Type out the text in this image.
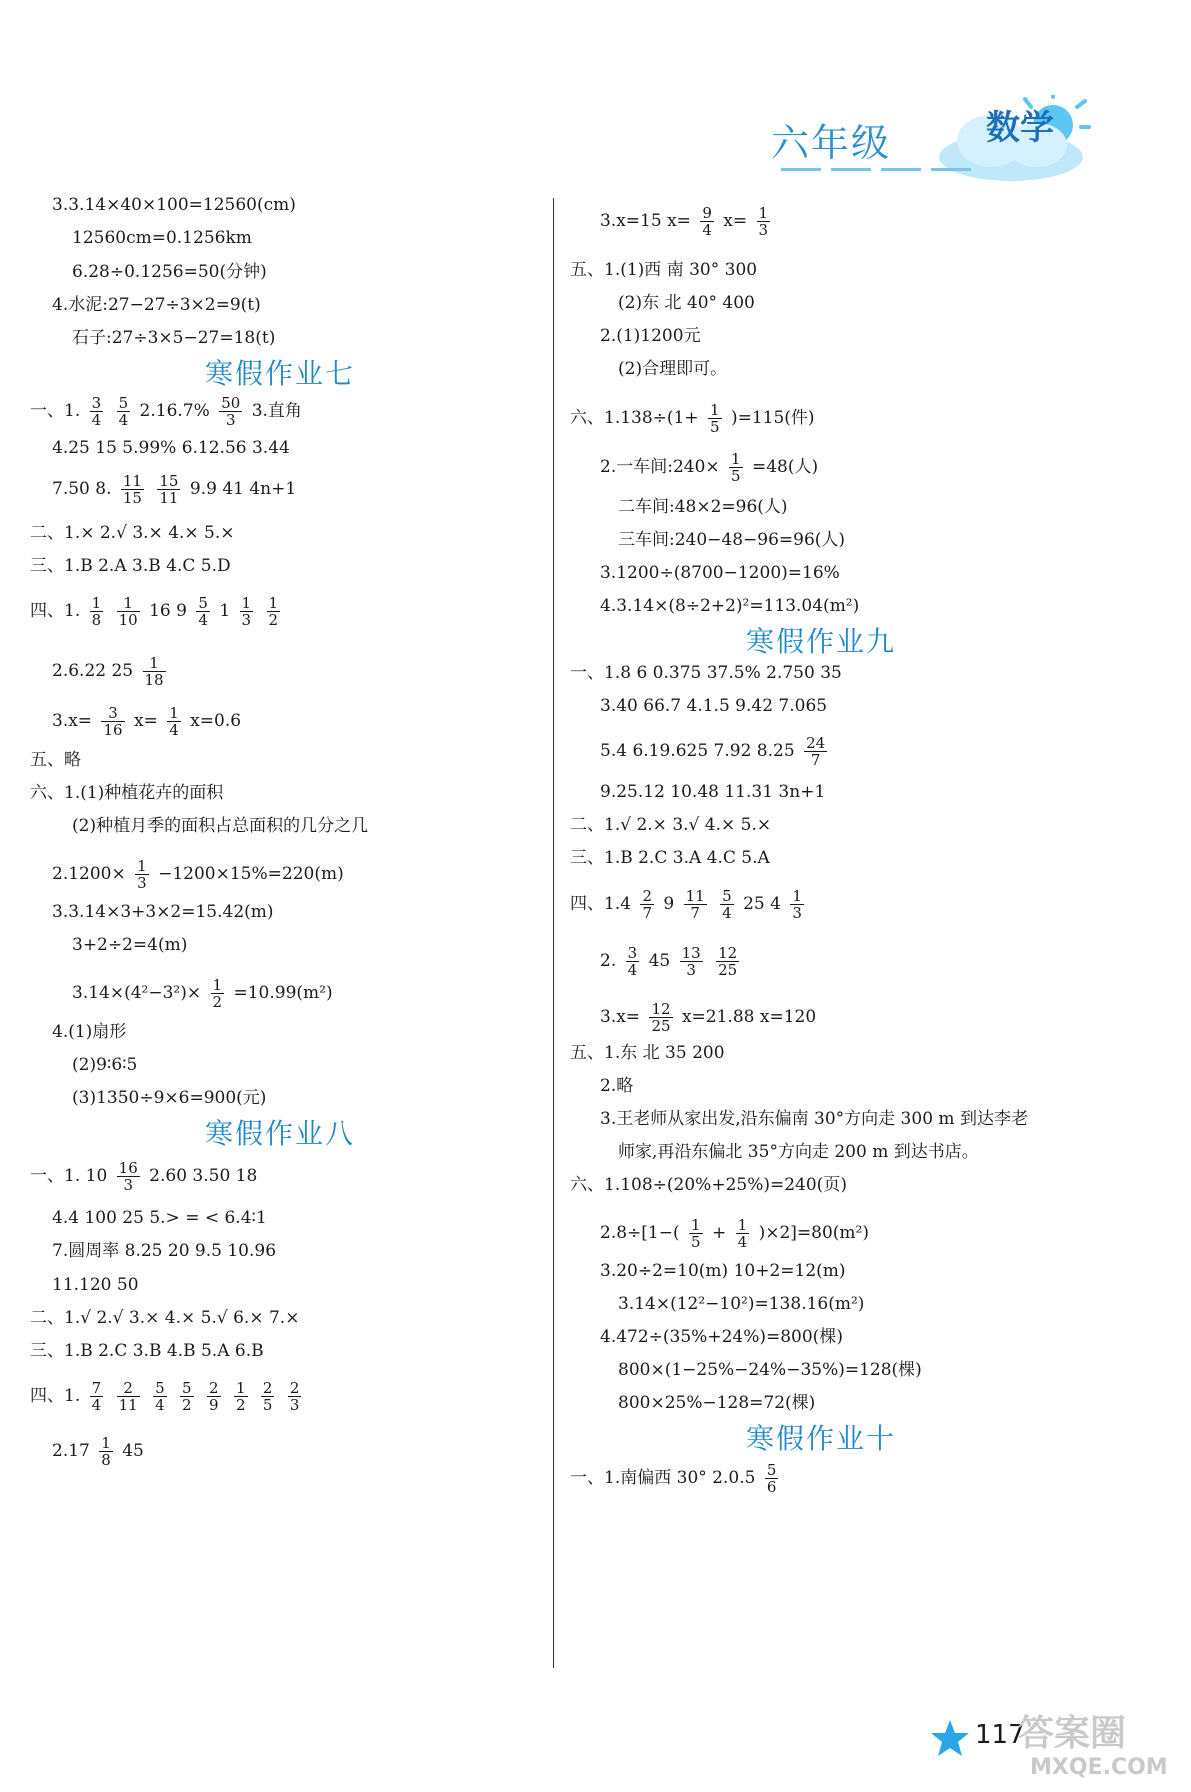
六年级	数学
3.3.14×40×100=12560(cm)
12560cm=0.1256km
6.28÷0.1256=50(分钟)
4.水泥:27−27÷3×2=9(t)
石子:27÷3×5−27=18(t)
寒假作业七
一、1. $\frac{3}{4}$
$\frac{5}{4} 2.16.7\% \frac{50}{3} 3$.直角
4.25 15 5.99% 6.12.56 3.44
7.50 8. $\frac{11}{15}$
$\frac{15}{11} 9.9$ 41 4n+1
二、1.× 2.√ 3.× 4.× 5.×
三、1.B 2.A 3.B 4.C 5.D
四、1. $\frac{1}{8}$
$\frac{1}{10} 16$ $9 \frac{5}{4} 1 \frac{1}{3}$
$\frac{1}{2}$
2.6.22 $25 \frac{1}{18}$
$3.x= \frac{3}{16} x= \frac{1}{4} x=0.6$
五、略
六、1.(1)种植花卉的面积
(2)种植月季的面积占总面积的几分之几
$2.1200\times \frac{1}{3} -1200\times 15\%=220(m)$
3.3.14×3+3×2=15.42(m)
3+2÷2=4(m)
$3.14\times(4^2-3^2)\times \frac{1}{2} =10.99(m^2)$
4.(1)扇形
(2)9∶6∶5
(3)1350÷9×6=900(元)
寒假作业八
一、1. $10 \frac{16}{3} 2.60$ 3.50 18
4.4 100 25 5.> = < 6.4∶1
7.圆周率 8.25 20 9.5 10.96
11.120 50
二、1.√ 2.√ 3.× 4.× 5.√ 6.× 7.×
三、1.B 2.C 3.B 4.B 5.A 6.B
四、1. $\frac{7}{4}$
$\frac{2}{11}$
$\frac{5}{4}$
$\frac{5}{2}$
$\frac{2}{9}$
$\frac{1}{2}$
$\frac{2}{5}$
$\frac{2}{3}$
$2.17 \frac{1}{8} 45$
3.x=15 $x= \frac{9}{4} x= \frac{1}{3}$
五、1.(1)西 南 30° 300
(2)东 北 40° 400
2.(1)1200元
(2)合理即可。
六、$1.138\div(1+ \frac{1}{5} )=115$(件)
2.一车间:240× $\frac{1}{5} =48$(人)
二车间:48×2=96(人)
三车间:240−48−96=96(人)
3.1200÷(8700−1200)=16%
4.3.14×(8÷2+2)²=113.04(m²)
寒假作业九
一、1.8 6 0.375 37.5% 2.750 35
3.40 66.7 4.1.5 9.42 7.065
5.4 6.19.625 7.92 $8.25 \frac{24}{7}$
9.25.12 10.48 11.31 3n+1
二、1.√ 2.× 3.√ 4.× 5.×
三、1.B 2.C 3.A 4.C 5.A
四、$1.4 \frac{2}{7} 9 \frac{11}{7}$
$\frac{5}{4} 25$ $4 \frac{1}{3}$
2. $\frac{3}{4} 45 \frac{13}{3}$
$\frac{12}{25}$
$3.x= \frac{12}{25} x=21.88$ x=120
五、1.东 北 35 200
2.略
3.王老师从家出发,沿东偏南 30°方向走 300 m 到达李老
师家,再沿东偏北 35°方向走 200 m 到达书店。
六、1.108÷(20%+25%)=240(页)
$2.8\div[1-( \frac{1}{5} + \frac{1}{4} )\times 2]=80(m^2)$
3.20÷2=10(m) 10+2=12(m)
3.14×(12²−10²)=138.16(m²)
4.472÷(35%+24%)=800(棵)
800×(1−25%−24%−35%)=128(棵)
800×25%−128=72(棵)
寒假作业十
一、1.南偏西 30° $2.0.5 \frac{5}{6}$
117
答案圈
MXQE.COM
